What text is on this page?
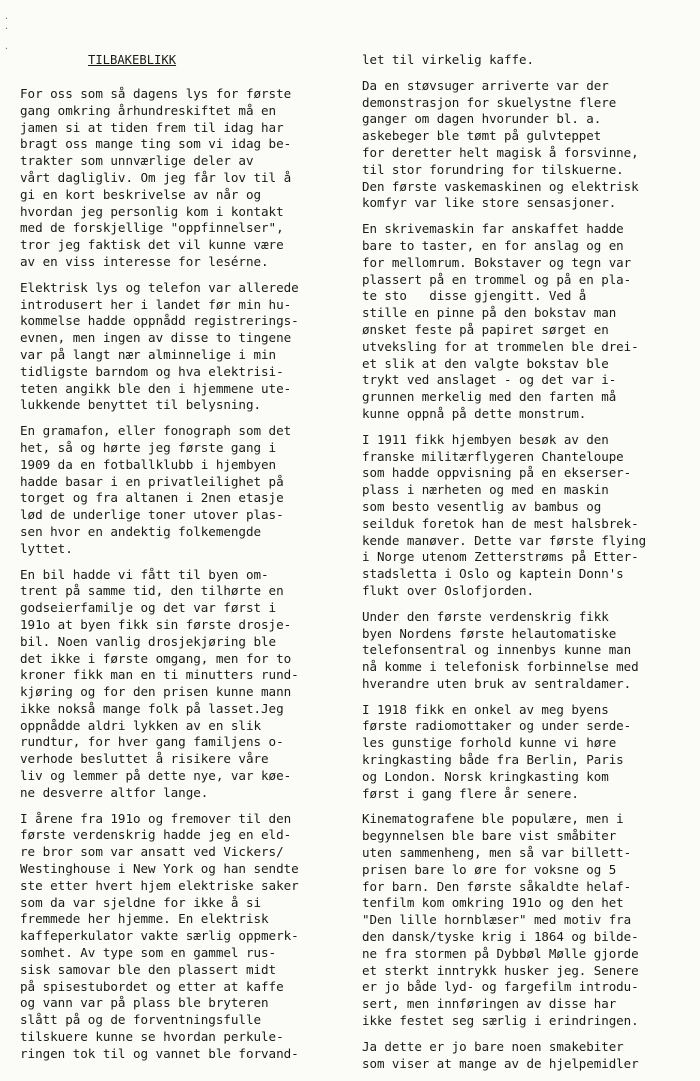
·
·

·
TILBAKEBLIKK
For oss som så dagens lys for første
gang omkring århundreskiftet må en
jamen si at tiden frem til idag har
bragt oss mange ting som vi idag be-
trakter som unnværlige deler av
vårt dagligliv. Om jeg får lov til å
gi en kort beskrivelse av når og
hvordan jeg personlig kom i kontakt
med de forskjellige "oppfinnelser",
tror jeg faktisk det vil kunne være
av en viss interesse for lesérne.
Elektrisk lys og telefon var allerede
introdusert her i landet før min hu-
kommelse hadde oppnådd registrerings-
evnen, men ingen av disse to tingene
var på langt nær alminnelige i min
tidligste barndom og hva elektrisi-
teten angikk ble den i hjemmene ute-
lukkende benyttet til belysning.
En gramafon, eller fonograph som det
het, så og hørte jeg første gang i
1909 da en fotballklubb i hjembyen
hadde basar i en privatleilighet på
torget og fra altanen i 2nen etasje
lød de underlige toner utover plas-
sen hvor en andektig folkemengde
lyttet.
En bil hadde vi fått til byen om-
trent på samme tid, den tilhørte en
godseierfamilje og det var først i
191o at byen fikk sin første drosje-
bil. Noen vanlig drosjekjøring ble
det ikke i første omgang, men for to
kroner fikk man en ti minutters rund-
kjøring og for den prisen kunne mann
ikke nokså mange folk på lasset.Jeg
oppnådde aldri lykken av en slik
rundtur, for hver gang familjens o-
verhode besluttet å risikere våre
liv og lemmer på dette nye, var køe-
ne desverre altfor lange.
I årene fra 191o og fremover til den
første verdenskrig hadde jeg en eld-
re bror som var ansatt ved Vickers/
Westinghouse i New York og han sendte
ste etter hvert hjem elektriske saker
som da var sjeldne for ikke å si
fremmede her hjemme. En elektrisk
kaffeperkulator vakte særlig oppmerk-
somhet. Av type som en gammel rus-
sisk samovar ble den plassert midt
på spisestubordet og etter at kaffe
og vann var på plass ble bryteren
slått på og de forventningsfulle
tilskuere kunne se hvordan perkule-
ringen tok til og vannet ble forvand-
let til virkelig kaffe.
Da en støvsuger arriverte var der
demonstrasjon for skuelystne flere
ganger om dagen hvorunder bl. a.
askebeger ble tømt på gulvteppet
for deretter helt magisk å forsvinne,
til stor forundring for tilskuerne.
Den første vaskemaskinen og elektrisk
komfyr var like store sensasjoner.
En skrivemaskin far anskaffet hadde
bare to taster, en for anslag og en
for mellomrum. Bokstaver og tegn var
plassert på en trommel og på en pla-
te sto   disse gjengitt. Ved å
stille en pinne på den bokstav man
ønsket feste på papiret sørget en
utveksling for at trommelen ble drei-
et slik at den valgte bokstav ble
trykt ved anslaget - og det var i-
grunnen merkelig med den farten må
kunne oppnå på dette monstrum.
I 1911 fikk hjembyen besøk av den
franske militærflygeren Chanteloupe
som hadde oppvisning på en ekserser-
plass i nærheten og med en maskin
som besto vesentlig av bambus og
seilduk foretok han de mest halsbrek-
kende manøver. Dette var første flying
i Norge utenom Zetterstrøms på Etter-
stadsletta i Oslo og kaptein Donn's
flukt over Oslofjorden.
Under den første verdenskrig fikk
byen Nordens første helautomatiske
telefonsentral og innenbys kunne man
nå komme i telefonisk forbinnelse med
hverandre uten bruk av sentraldamer.
I 1918 fikk en onkel av meg byens
første radiomottaker og under serde-
les gunstige forhold kunne vi høre
kringkasting både fra Berlin, Paris
og London. Norsk kringkasting kom
først i gang flere år senere.
Kinematografene ble populære, men i
begynnelsen ble bare vist småbiter
uten sammenheng, men så var billett-
prisen bare lo øre for voksne og 5
for barn. Den første såkaldte helaf-
tenfilm kom omkring 191o og den het
"Den lille hornblæser" med motiv fra
den dansk/tyske krig i 1864 og bilde-
ne fra stormen på Dybbøl Mølle gjorde
et sterkt inntrykk husker jeg. Senere
er jo både lyd- og fargefilm introdu-
sert, men innføringen av disse har
ikke festet seg særlig i erindringen.
Ja dette er jo bare noen smakebiter
som viser at mange av de hjelpemidler
